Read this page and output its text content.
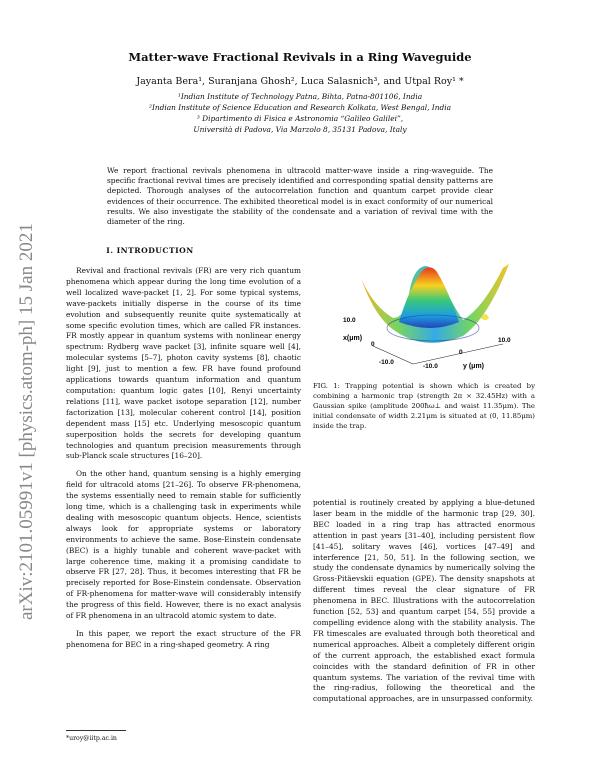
arXiv:2101.05991v1 [physics.atom-ph] 15 Jan 2021
Matter-wave Fractional Revivals in a Ring Waveguide
Jayanta Bera¹, Suranjana Ghosh², Luca Salasnich³, and Utpal Roy¹ *
¹Indian Institute of Technology Patna, Bihta, Patna-801106, India
²Indian Institute of Science Education and Research Kolkata, West Bengal, India
³ Dipartimento di Fisica e Astronomia “Galileo Galilei”,
Università di Padova, Via Marzolo 8, 35131 Padova, Italy
We report fractional revivals phenomena in ultracold matter-wave inside a ring-waveguide. The specific fractional revival times are precisely identified and corresponding spatial density patterns are depicted. Thorough analyses of the autocorrelation function and quantum carpet provide clear evidences of their occurrence. The exhibited theoretical model is in exact conformity of our numerical results. We also investigate the stability of the condensate and a variation of revival time with the diameter of the ring.
I. INTRODUCTION

Revival and fractional revivals (FR) are very rich quantum phenomena which appear during the long time evolution of a well localized wave-packet [1, 2]. For some typical systems, wave-packets initially disperse in the course of its time evolution and subsequently reunite quite systematically at some specific evolution times, which are called FR instances. FR mostly appear in quantum systems with nonlinear energy spectrum: Rydberg wave packet [3], infinite square well [4], molecular systems [5–7], photon cavity systems [8], chaotic light [9], just to mention a few. FR have found profound applications towards quantum information and quantum computation: quantum logic gates [10], Renyi uncertainty relations [11], wave packet isotope separation [12], number factorization [13], molecular coherent control [14], position dependent mass [15] etc. Underlying mesoscopic quantum superposition holds the secrets for developing quantum technologies and quantum precision measurements through sub-Planck scale structures [16–20].

On the other hand, quantum sensing is a highly emerging field for ultracold atoms [21–26]. To observe FR-phenomena, the systems essentially need to remain stable for sufficiently long time, which is a challenging task in experiments while dealing with mesoscopic quantum objects. Hence, scientists always look for appropriate systems or laboratory environments to achieve the same. Bose-Einstein condensate (BEC) is a highly tunable and coherent wave-packet with large coherence time, making it a promising candidate to observe FR [27, 28]. Thus, it becomes interesting that FR be precisely reported for Bose-Einstein condensate. Observation of FR-phenomena for matter-wave will considerably intensify the progress of this field. However, there is no exact analysis of FR phenomena in an ultracold atomic system to date.

In this paper, we report the exact structure of the FR phenomena for BEC in a ring-shaped geometry. A ring

10.0
0
-10.0
10.0
0
-10.0
x(μm)
y (μm)
FIG. 1: Trapping potential is shown which is created by combining a harmonic trap (strength 2π × 32.45Hz) with a Gaussian spike (amplitude 200ħω⊥ and waist 11.35μm). The initial condensate of width 2.21μm is situated at (0, 11.85μm) inside the trap.

potential is routinely created by applying a blue-detuned laser beam in the middle of the harmonic trap [29, 30]. BEC loaded in a ring trap has attracted enormous attention in past years [31–40], including persistent flow [41–45], solitary waves [46], vortices [47–49] and interference [21, 50, 51]. In the following section, we study the condensate dynamics by numerically solving the Gross-Pitäevskii equation (GPE). The density snapshots at different times reveal the clear signature of FR phenomena in BEC. Illustrations with the autocorrelation function [52, 53] and quantum carpet [54, 55] provide a compelling evidence along with the stability analysis. The FR timescales are evaluated through both theoretical and numerical approaches. Albeit a completely different origin of the current approach, the established exact formula coincides with the standard definition of FR in other quantum systems. The variation of the revival time with the ring-radius, following the theoretical and the computational approaches, are in unsurpassed conformity.

*uroy@iitp.ac.in
